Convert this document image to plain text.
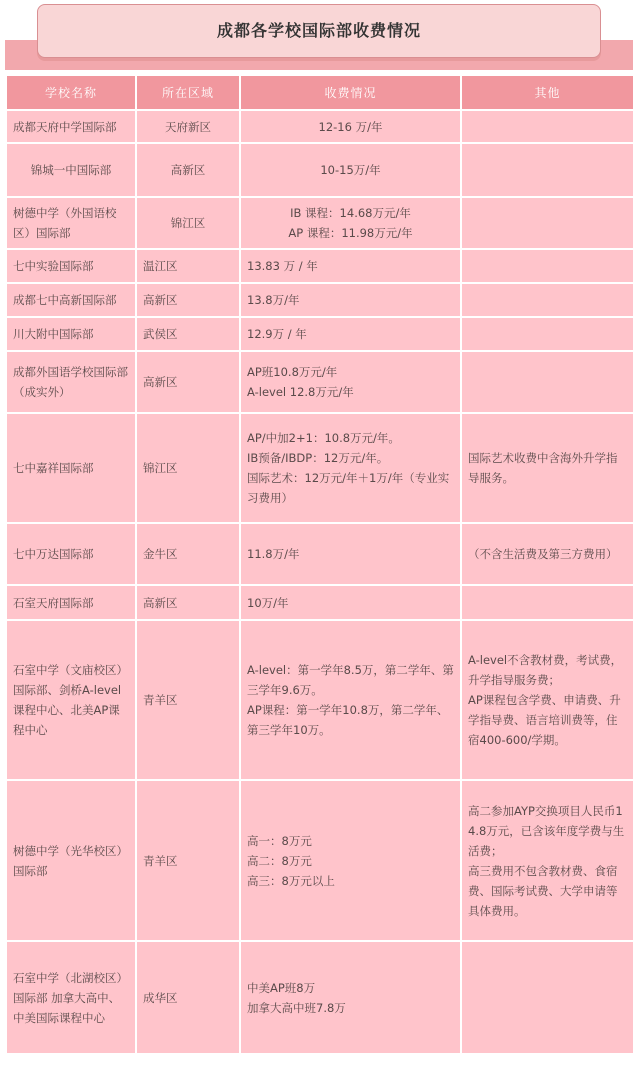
成都各学校国际部收费情况
学校名称	所在区域	收费情况	其他
成都天府中学国际部	天府新区	12-16 万/年	

锦城一中国际部	高新区	10-15万/年	

树德中学（外国语校区）国际部	锦江区	IB 课程：14.68万元/年
AP 课程：11.98万元/年	

七中实验国际部	温江区	13.83 万 / 年	

成都七中高新国际部	高新区	13.8万/年	

川大附中国际部	武侯区	12.9万 / 年	

成都外国语学校国际部（成实外）	高新区	AP班10.8万元/年
A-level 12.8万元/年	

七中嘉祥国际部	锦江区	AP/中加2+1：10.8万元/年。
IB预备/IBDP：12万元/年。
国际艺术：12万元/年＋1万/年（专业实习费用）	国际艺术收费中含海外升学指导服务。

七中万达国际部	金牛区	11.8万/年	（不含生活费及第三方费用）

石室天府国际部	高新区	10万/年	

石室中学（文庙校区）国际部、剑桥A-level课程中心、北美AP课程中心	青羊区	A-level：第一学年8.5万，第二学年、第三学年9.6万。
AP课程：第一学年10.8万，第二学年、第三学年10万。	A-level不含教材费，考试费，升学指导服务费；
AP课程包含学费、申请费、升学指导费、语言培训费等，住宿400-600/学期。

树德中学（光华校区）国际部	青羊区	高一：8万元
高二：8万元
高三：8万元以上	高二参加AYP交换项目人民币14.8万元，已含该年度学费与生活费；
高三费用不包含教材费、食宿费、国际考试费、大学申请等具体费用。

石室中学（北湖校区）国际部 加拿大高中、中美国际课程中心	成华区	中美AP班8万
加拿大高中班7.8万	
